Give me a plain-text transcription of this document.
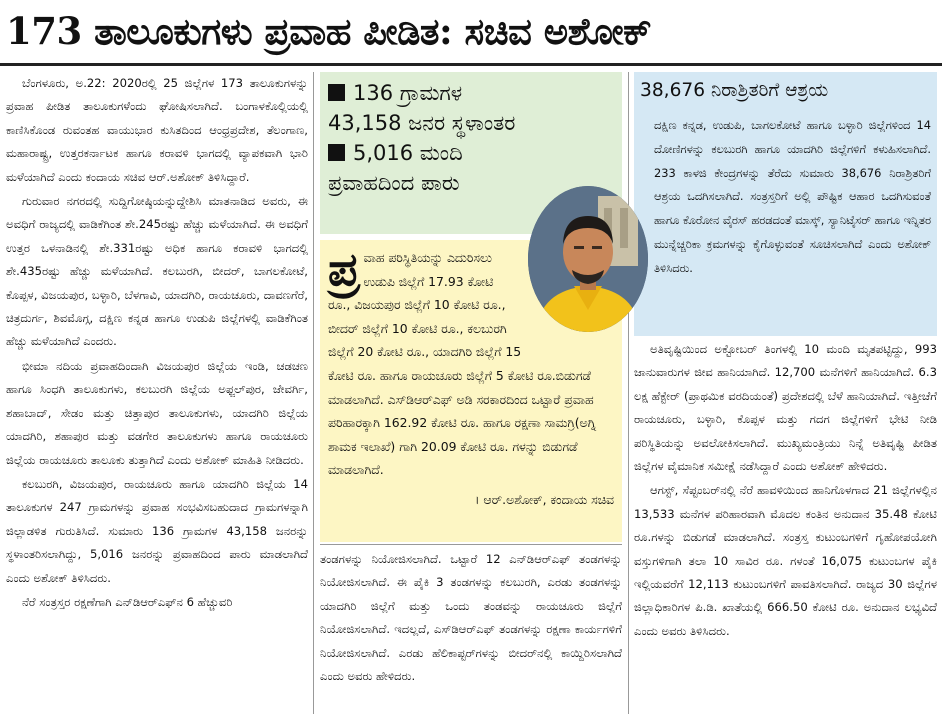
173 ತಾಲೂಕುಗಳು ಪ್ರವಾಹ ಪೀಡಿತ: ಸಚಿವ ಅಶೋಕ್

ಬೆಂಗಳೂರು, ಅ.22: 2020ರಲ್ಲಿ 25 ಜಿಲ್ಲೆಗಳ 173 ತಾಲೂಕುಗಳನ್ನು ಪ್ರವಾಹ ಪೀಡಿತ ತಾಲೂಕುಗಳೆಂದು ಘೋಷಿಸಲಾಗಿದೆ. ಬಂಗಾಳಕೊಲ್ಲಿಯಲ್ಲಿ ಕಾಣಿಸಿಕೊಂಡ ರುವಂತಹ ವಾಯುಭಾರ ಕುಸಿತದಿಂದ ಆಂಧ್ರಪ್ರದೇಶ, ತೆಲಂಗಾಣ, ಮಹಾರಾಷ್ಟ್ರ, ಉತ್ತರಕರ್ನಾಟಕ ಹಾಗೂ ಕರಾವಳಿ ಭಾಗದಲ್ಲಿ ವ್ಯಾಪಕವಾಗಿ ಭಾರಿ ಮಳೆಯಾಗಿದೆ ಎಂದು ಕಂದಾಯ ಸಚಿವ ಆರ್.ಅಶೋಕ್ ತಿಳಿಸಿದ್ದಾರೆ.

ಗುರುವಾರ ನಗರದಲ್ಲಿ ಸುದ್ದಿಗೋಷ್ಠಿಯನ್ನುದ್ದೇಶಿಸಿ ಮಾತನಾಡಿದ ಅವರು, ಈ ಅವಧಿಗೆ ರಾಜ್ಯದಲ್ಲಿ ವಾಡಿಕೆಗಿಂತ ಶೇ.245ರಷ್ಟು ಹೆಚ್ಚು ಮಳೆಯಾಗಿದೆ. ಈ ಅವಧಿಗೆ ಉತ್ತರ ಒಳನಾಡಿನಲ್ಲಿ ಶೇ.331ರಷ್ಟು ಅಧಿಕ ಹಾಗೂ ಕರಾವಳಿ ಭಾಗದಲ್ಲಿ ಶೇ.435ರಷ್ಟು ಹೆಚ್ಚು ಮಳೆಯಾಗಿದೆ. ಕಲಬುರಗಿ, ಬೀದರ್, ಬಾಗಲಕೋಟೆ, ಕೊಪ್ಪಳ, ವಿಜಯಪುರ, ಬಳ್ಳಾರಿ, ಬೆಳಗಾವಿ, ಯಾದಗಿರಿ, ರಾಯಚೂರು, ದಾವಣಗೆರೆ, ಚಿತ್ರದುರ್ಗ, ಶಿವಮೊಗ್ಗ, ದಕ್ಷಿಣ ಕನ್ನಡ ಹಾಗೂ ಉಡುಪಿ ಜಿಲ್ಲೆಗಳಲ್ಲಿ ವಾಡಿಕೆಗಿಂತ ಹೆಚ್ಚು ಮಳೆಯಾಗಿದೆ ಎಂದರು.

ಭೀಮಾ ನದಿಯ ಪ್ರವಾಹದಿಂದಾಗಿ ವಿಜಯಪುರ ಜಿಲ್ಲೆಯ ಇಂಡಿ, ಚಡಚಣ ಹಾಗೂ ಸಿಂಧಗಿ ತಾಲೂಕುಗಳು, ಕಲಬುರಗಿ ಜಿಲ್ಲೆಯ ಅಫ್ಜಲ್‌ಪುರ, ಜೇವರ್ಗಿ, ಶಹಾಬಾದ್, ಸೇಡಂ ಮತ್ತು ಚಿತ್ತಾಪುರ ತಾಲೂಕುಗಳು, ಯಾದಗಿರಿ ಜಿಲ್ಲೆಯ ಯಾದಗಿರಿ, ಶಹಾಪುರ ಮತ್ತು ವಡಗೇರ ತಾಲೂಕುಗಳು ಹಾಗೂ ರಾಯಚೂರು ಜಿಲ್ಲೆಯ ರಾಯಚೂರು ತಾಲೂಕು ತುತ್ತಾಗಿದೆ ಎಂದು ಅಶೋಕ್ ಮಾಹಿತಿ ನೀಡಿದರು.

ಕಲಬುರಗಿ, ವಿಜಯಪುರ, ರಾಯಚೂರು ಹಾಗೂ ಯಾದಗಿರಿ ಜಿಲ್ಲೆಯ 14 ತಾಲೂಕುಗಳ 247 ಗ್ರಾಮಗಳನ್ನು ಪ್ರವಾಹ ಸಂಭವಿಸಬಹುದಾದ ಗ್ರಾಮಗಳನ್ನಾಗಿ ಜಿಲ್ಲಾಡಳಿತ ಗುರುತಿಸಿದೆ. ಸುಮಾರು 136 ಗ್ರಾಮಗಳ 43,158 ಜನರನ್ನು ಸ್ಥಳಾಂತರಿಸಲಾಗಿದ್ದು, 5,016 ಜನರನ್ನು ಪ್ರವಾಹದಿಂದ ಪಾರು ಮಾಡಲಾಗಿದೆ ಎಂದು ಅಶೋಕ್ ತಿಳಿಸಿದರು.

ನೆರೆ ಸಂತ್ರಸ್ತರ ರಕ್ಷಣೆಗಾಗಿ ಎನ್‌ಡಿಆರ್‌ಎಫ್‌ನ 6 ಹೆಚ್ಚುವರಿ

136 ಗ್ರಾಮಗಳ
43,158 ಜನರ ಸ್ಥಳಾಂತರ
5,016 ಮಂದಿ
ಪ್ರವಾಹದಿಂದ ಪಾರು
ಪ್ರ ವಾಹ ಪರಿಸ್ಥಿತಿಯನ್ನು ಎದುರಿಸಲು ಉಡುಪಿ ಜಿಲ್ಲೆಗೆ 17.93 ಕೋಟಿ ರೂ., ವಿಜಯಪುರ ಜಿಲ್ಲೆಗೆ 10 ಕೋಟಿ ರೂ., ಬೀದರ್ ಜಿಲ್ಲೆಗೆ 10 ಕೋಟಿ ರೂ., ಕಲಬುರಗಿ ಜಿಲ್ಲೆಗೆ 20 ಕೋಟಿ ರೂ., ಯಾದಗಿರಿ ಜಿಲ್ಲೆಗೆ 15 ಕೋಟಿ ರೂ. ಹಾಗೂ ರಾಯಚೂರು ಜಿಲ್ಲೆಗೆ 5 ಕೋಟಿ ರೂ.ಬಿಡುಗಡೆ ಮಾಡಲಾಗಿದೆ. ಎಸ್‌ಡಿಆರ್‌ಎಫ್ ಅಡಿ ಸರಕಾರದಿಂದ ಒಟ್ಟಾರೆ ಪ್ರವಾಹ ಪರಿಹಾರಕ್ಕಾಗಿ 162.92 ಕೋಟಿ ರೂ. ಹಾಗೂ ರಕ್ಷಣಾ ಸಾಮಗ್ರಿ(ಅಗ್ನಿ ಶಾಮಕ ಇಲಾಖೆ) ಗಾಗಿ 20.09 ಕೋಟಿ ರೂ. ಗಳನ್ನು ಬಿಡುಗಡೆ ಮಾಡಲಾಗಿದೆ.
। ಆರ್.ಅಶೋಕ್, ಕಂದಾಯ ಸಚಿವ

ತಂಡಗಳನ್ನು ನಿಯೋಜಿಸಲಾಗಿದೆ. ಒಟ್ಟಾರೆ 12 ಎನ್‌ಡಿಆರ್‌ಎಫ್ ತಂಡಗಳನ್ನು ನಿಯೋಜಿಸಲಾಗಿದೆ. ಈ ಪೈಕಿ 3 ತಂಡಗಳನ್ನು ಕಲಬುರಗಿ, ಎರಡು ತಂಡಗಳನ್ನು ಯಾದಗಿರಿ ಜಿಲ್ಲೆಗೆ ಮತ್ತು ಒಂದು ತಂಡವನ್ನು ರಾಯಚೂರು ಜಿಲ್ಲೆಗೆ ನಿಯೋಜಿಸಲಾಗಿದೆ. ಇದಲ್ಲದೆ, ಎಸ್‌ಡಿಆರ್‌ಎಫ್ ತಂಡಗಳನ್ನು ರಕ್ಷಣಾ ಕಾರ್ಯಗಳಿಗೆ ನಿಯೋಜಿಸಲಾಗಿದೆ. ಎರಡು ಹೆಲಿಕಾಪ್ಟರ್‌ಗಳನ್ನು ಬೀದರ್‌ನಲ್ಲಿ ಕಾಯ್ದಿರಿಸಲಾಗಿದೆ ಎಂದು ಅವರು ಹೇಳಿದರು.

38,676 ನಿರಾಶ್ರಿತರಿಗೆ ಆಶ್ರಯ
ದಕ್ಷಿಣ ಕನ್ನಡ, ಉಡುಪಿ, ಬಾಗಲಕೋಟೆ ಹಾಗೂ ಬಳ್ಳಾರಿ ಜಿಲ್ಲೆಗಳಿಂದ 14 ದೋಣಿಗಳನ್ನು ಕಲಬುರಗಿ ಹಾಗೂ ಯಾದಗಿರಿ ಜಿಲ್ಲೆಗಳಿಗೆ ಕಳುಹಿಸಲಾಗಿದೆ. 233 ಕಾಳಜಿ ಕೇಂದ್ರಗಳನ್ನು ತೆರೆದು ಸುಮಾರು 38,676 ನಿರಾಶ್ರಿತರಿಗೆ ಆಶ್ರಯ ಒದಗಿಸಲಾಗಿದೆ. ಸಂತ್ರಸ್ತರಿಗೆ ಅಲ್ಲಿ ಪೌಷ್ಟಿಕ ಆಹಾರ ಒದಗಿಸುವಂತೆ ಹಾಗೂ ಕೊರೋನ ವೈರಸ್ ಹರಡದಂತೆ ಮಾಸ್ಕ್, ಸ್ಯಾನಿಟೈಸರ್ ಹಾಗೂ ಇನ್ನಿತರ ಮುನ್ನೆಚ್ಚರಿಕಾ ಕ್ರಮಗಳನ್ನು ಕೈಗೊಳ್ಳುವಂತೆ ಸೂಚಿಸಲಾಗಿದೆ ಎಂದು ಅಶೋಕ್ ತಿಳಿಸಿದರು.

ಅತಿವೃಷ್ಟಿಯಿಂದ ಅಕ್ಟೋಬರ್ ತಿಂಗಳಲ್ಲಿ 10 ಮಂದಿ ಮೃತಪಟ್ಟಿದ್ದು, 993 ಜಾನುವಾರುಗಳ ಜೀವ ಹಾನಿಯಾಗಿದೆ. 12,700 ಮನೆಗಳಿಗೆ ಹಾನಿಯಾಗಿದೆ. 6.3 ಲಕ್ಷ ಹೆಕ್ಟೇರ್ (ಪ್ರಾಥಮಿಕ ವರದಿಯಂತೆ) ಪ್ರದೇಶದಲ್ಲಿ ಬೆಳೆ ಹಾನಿಯಾಗಿದೆ. ಇತ್ತೀಚೆಗೆ ರಾಯಚೂರು, ಬಳ್ಳಾರಿ, ಕೊಪ್ಪಳ ಮತ್ತು ಗದಗ ಜಿಲ್ಲೆಗಳಿಗೆ ಭೇಟಿ ನೀಡಿ ಪರಿಸ್ಥಿತಿಯನ್ನು ಅವಲೋಕಿಸಲಾಗಿದೆ. ಮುಖ್ಯಮಂತ್ರಿಯು ನಿನ್ನೆ ಅತಿವೃಷ್ಟಿ ಪೀಡಿತ ಜಿಲ್ಲೆಗಳ ವೈಮಾನಿಕ ಸಮೀಕ್ಷೆ ನಡೆಸಿದ್ದಾರೆ ಎಂದು ಅಶೋಕ್ ಹೇಳಿದರು.

ಆಗಸ್ಟ್, ಸೆಪ್ಟಂಬರ್‌ನಲ್ಲಿ ನೆರೆ ಹಾವಳಿಯಿಂದ ಹಾನಿಗೊಳಗಾದ 21 ಜಿಲ್ಲೆಗಳಲ್ಲಿನ 13,533 ಮನೆಗಳ ಪರಿಹಾರವಾಗಿ ಮೊದಲ ಕಂತಿನ ಅನುದಾನ 35.48 ಕೋಟಿ ರೂ.ಗಳನ್ನು ಬಿಡುಗಡೆ ಮಾಡಲಾಗಿದೆ. ಸಂತ್ರಸ್ತ ಕುಟುಂಬಗಳಿಗೆ ಗೃಹೋಪಯೋಗಿ ವಸ್ತುಗಳಿಗಾಗಿ ತಲಾ 10 ಸಾವಿರ ರೂ. ಗಳಂತೆ 16,075 ಕುಟುಂಬಗಳ ಪೈಕಿ ಇಲ್ಲಿಯವರೆಗೆ 12,113 ಕುಟುಂಬಗಳಿಗೆ ಪಾವತಿಸಲಾಗಿದೆ. ರಾಜ್ಯದ 30 ಜಿಲ್ಲೆಗಳ ಜಿಲ್ಲಾಧಿಕಾರಿಗಳ ಪಿ.ಡಿ. ಖಾತೆಯಲ್ಲಿ 666.50 ಕೋಟಿ ರೂ. ಅನುದಾನ ಲಭ್ಯವಿದೆ ಎಂದು ಅವರು ತಿಳಿಸಿದರು.
